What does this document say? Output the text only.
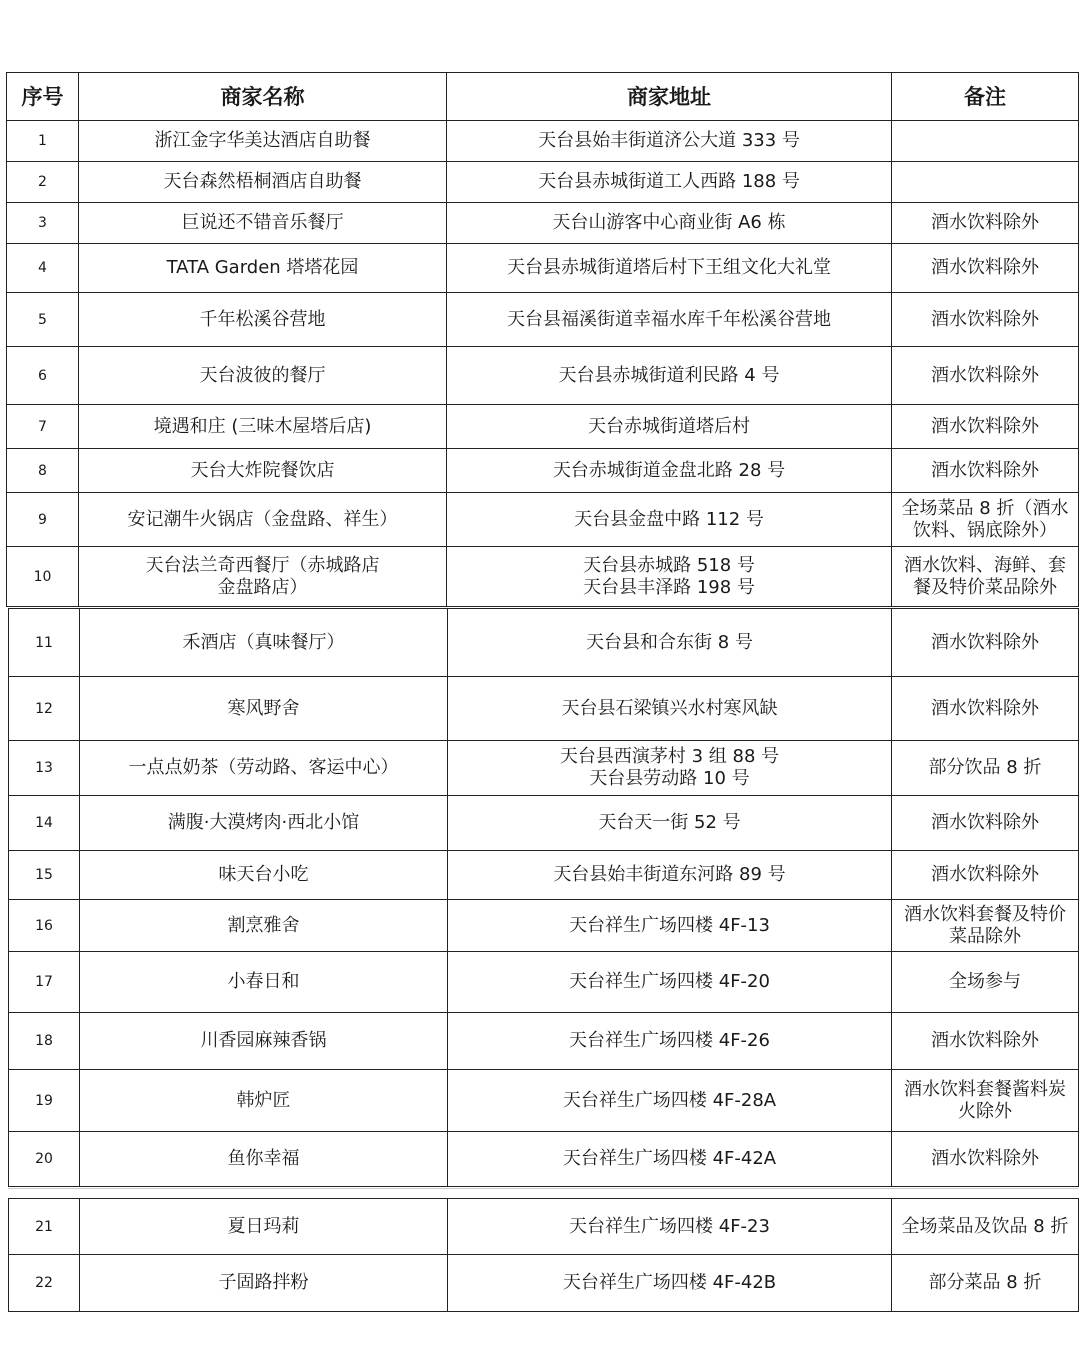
序号	商家名称	商家地址	备注
1	浙江金字华美达酒店自助餐	天台县始丰街道济公大道 333 号	

2	天台森然梧桐酒店自助餐	天台县赤城街道工人西路 188 号	

3	巨说还不错音乐餐厅	天台山游客中心商业街 A6 栋	酒水饮料除外

4	TATA Garden 塔塔花园	天台县赤城街道塔后村下王组文化大礼堂	酒水饮料除外

5	千年松溪谷营地	天台县福溪街道幸福水库千年松溪谷营地	酒水饮料除外

6	天台波彼的餐厅	天台县赤城街道利民路 4 号	酒水饮料除外

7	境遇和庄 (三味木屋塔后店)	天台赤城街道塔后村	酒水饮料除外

8	天台大炸院餐饮店	天台赤城街道金盘北路 28 号	酒水饮料除外

9	安记潮牛火锅店（金盘路、祥生）	天台县金盘中路 112 号	全场菜品 8 折（酒水
饮料、锅底除外）

10	天台法兰奇西餐厅（赤城路店
金盘路店）	天台县赤城路 518 号
天台县丰泽路 198 号	酒水饮料、海鲜、套
餐及特价菜品除外
11	禾酒店（真味餐厅）	天台县和合东街 8 号	酒水饮料除外

12	寒风野舍	天台县石梁镇兴水村寒风缺	酒水饮料除外

13	一点点奶茶（劳动路、客运中心）	天台县西演茅村 3 组 88 号
天台县劳动路 10 号	部分饮品 8 折

14	满腹·大漠烤肉·西北小馆	天台天一街 52 号	酒水饮料除外

15	味天台小吃	天台县始丰街道东河路 89 号	酒水饮料除外

16	割烹雅舍	天台祥生广场四楼 4F-13	酒水饮料套餐及特价
菜品除外

17	小春日和	天台祥生广场四楼 4F-20	全场参与

18	川香园麻辣香锅	天台祥生广场四楼 4F-26	酒水饮料除外

19	韩炉匠	天台祥生广场四楼 4F-28A	酒水饮料套餐酱料炭
火除外

20	鱼你幸福	天台祥生广场四楼 4F-42A	酒水饮料除外
21	夏日玛莉	天台祥生广场四楼 4F-23	全场菜品及饮品 8 折

22	子固路拌粉	天台祥生广场四楼 4F-42B	部分菜品 8 折
